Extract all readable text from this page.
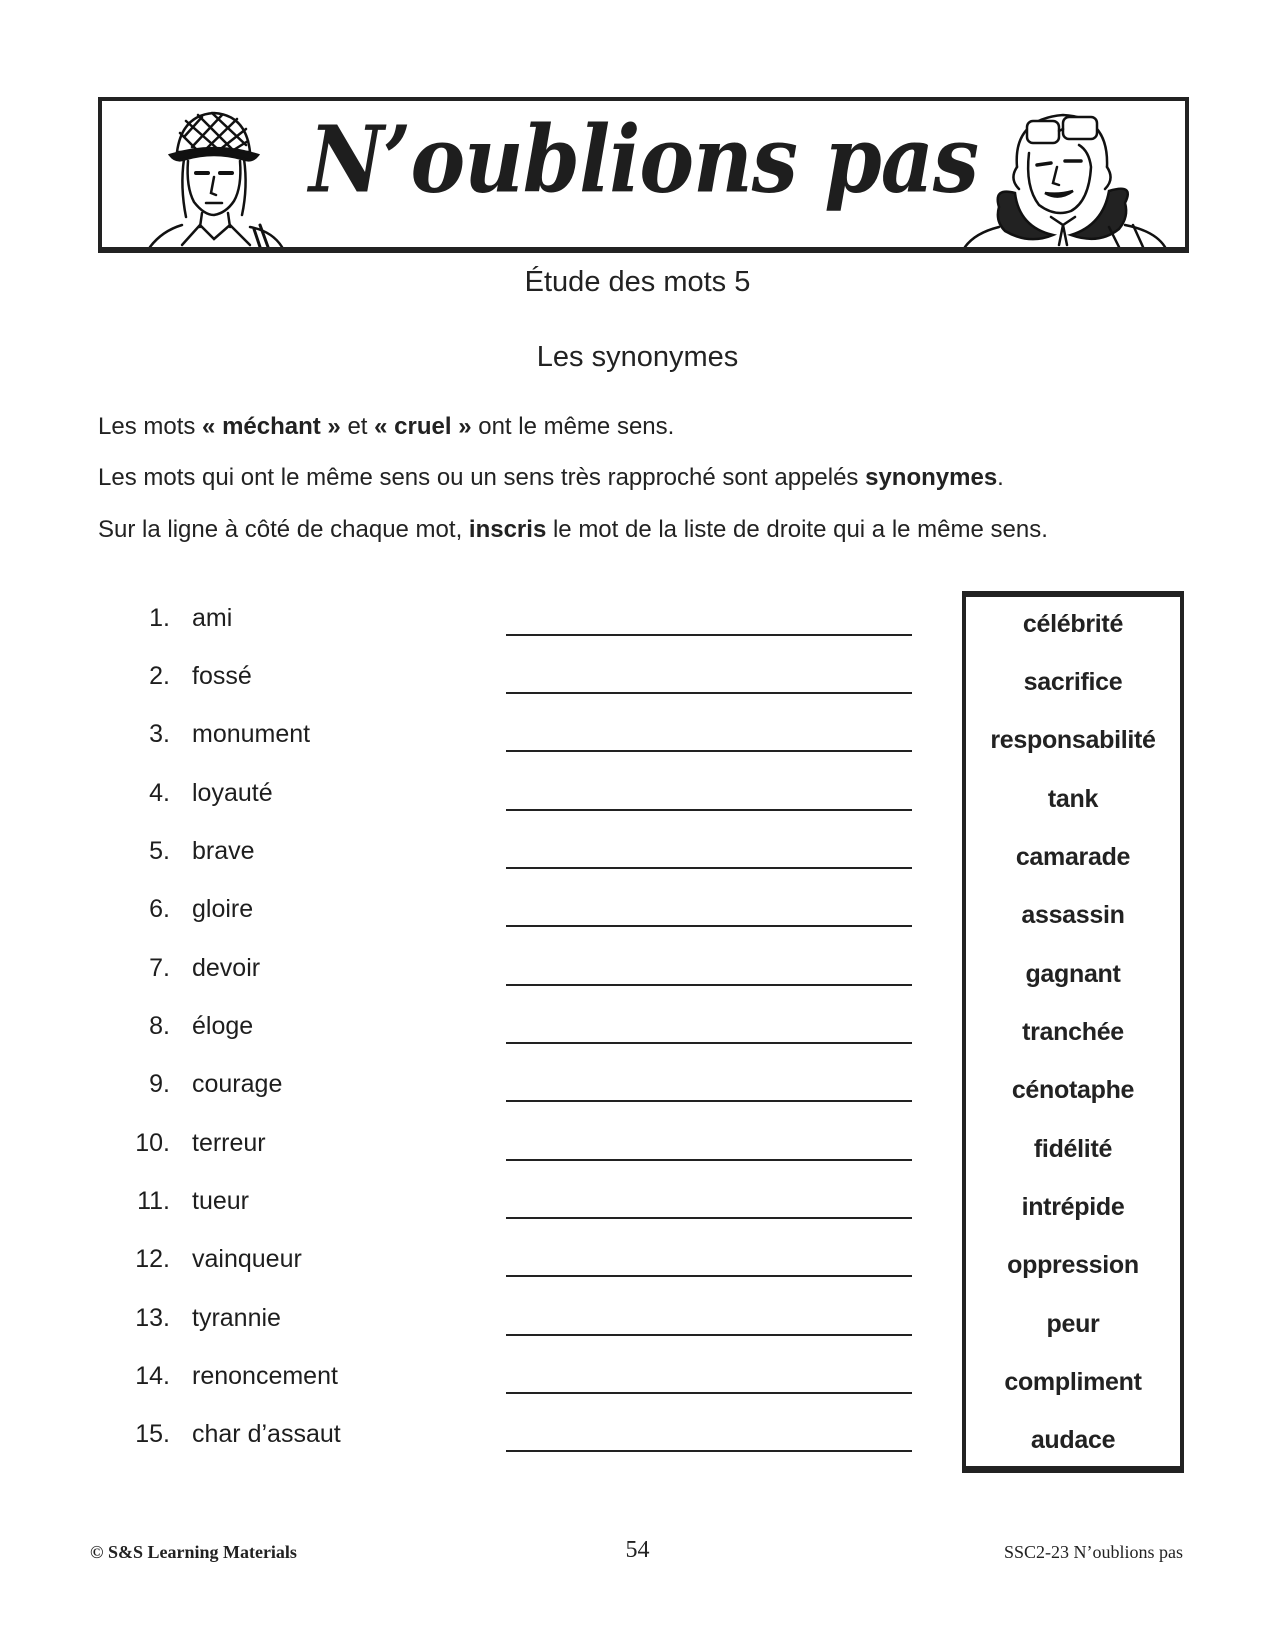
N’oublions pas
Étude des mots 5
Les synonymes
Les mots « méchant » et « cruel » ont le même sens.
Les mots qui ont le même sens ou un sens très rapproché sont appelés synonymes.
Sur la ligne à côté de chaque mot, inscris le mot de la liste de droite qui a le même sens.
1. ami
2. fossé
3. monument
4. loyauté
5. brave
6. gloire
7. devoir
8. éloge
9. courage
10. terreur
11. tueur
12. vainqueur
13. tyrannie
14. renoncement
15. char d’assaut
célébrité
sacrifice
responsabilité
tank
camarade
assassin
gagnant
tranchée
cénotaphe
fidélité
intrépide
oppression
peur
compliment
audace
© S&S Learning Materials	54	SSC2-23 N’oublions pas
